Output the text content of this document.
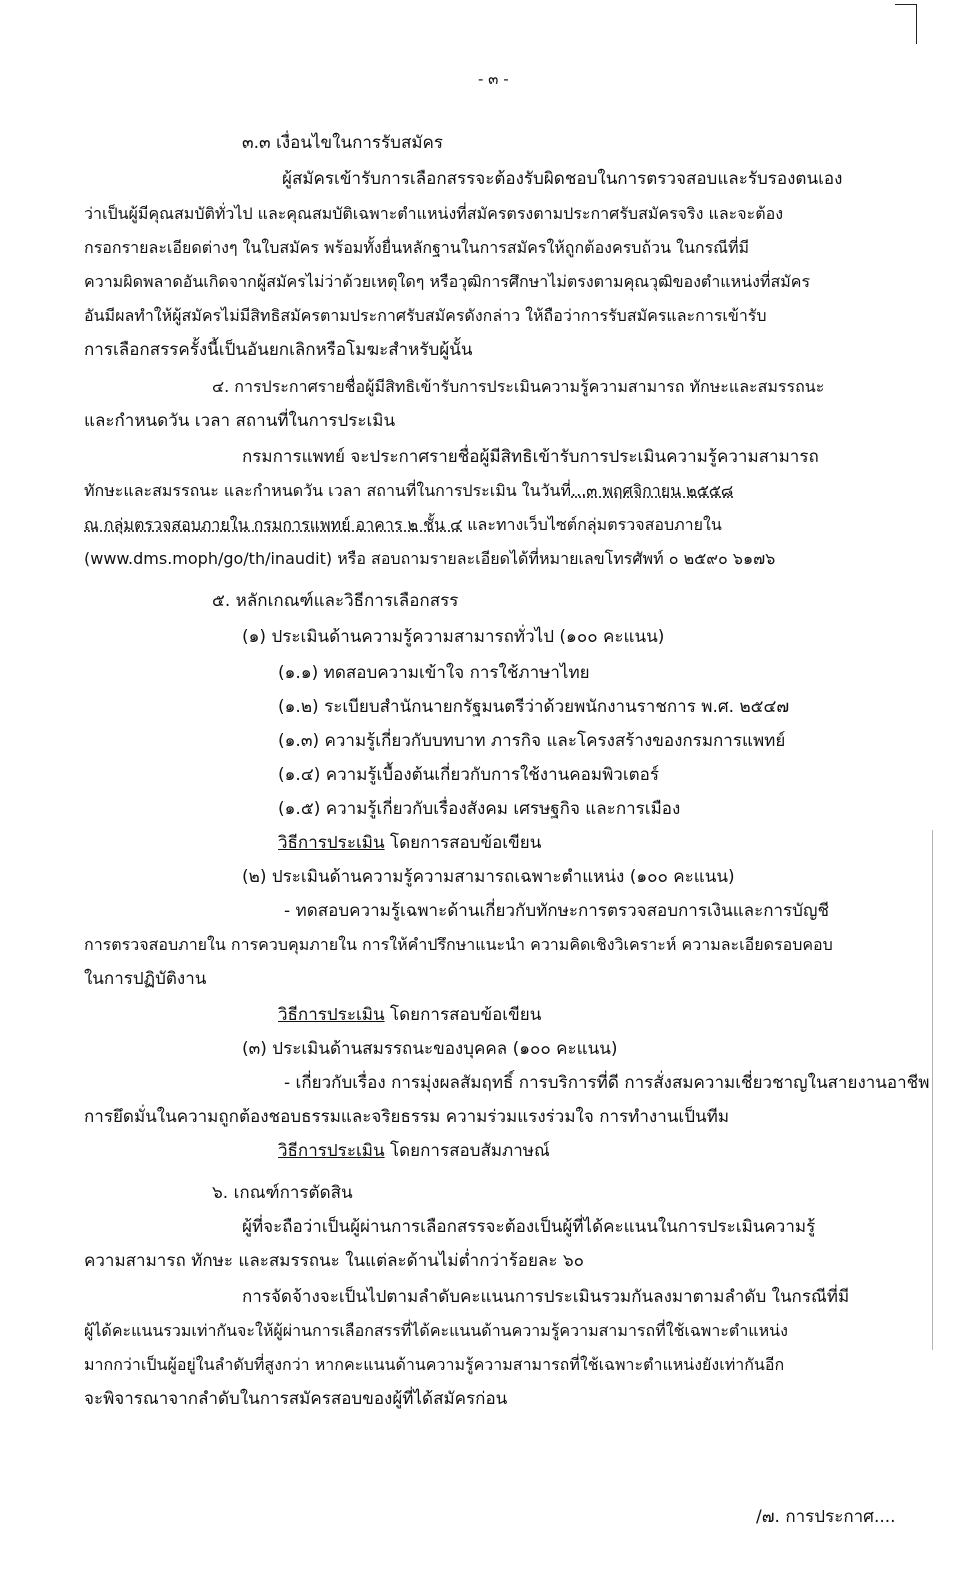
- ๓ -
๓.๓ เงื่อนไขในการรับสมัคร
ผู้สมัครเข้ารับการเลือกสรรจะต้องรับผิดชอบในการตรวจสอบและรับรองตนเอง
ว่าเป็นผู้มีคุณสมบัติทั่วไป และคุณสมบัติเฉพาะตำแหน่งที่สมัครตรงตามประกาศรับสมัครจริง และจะต้อง
กรอกรายละเอียดต่างๆ ในใบสมัคร พร้อมทั้งยื่นหลักฐานในการสมัครให้ถูกต้องครบถ้วน ในกรณีที่มี
ความผิดพลาดอันเกิดจากผู้สมัครไม่ว่าด้วยเหตุใดๆ หรือวุฒิการศึกษาไม่ตรงตามคุณวุฒิของตำแหน่งที่สมัคร
อันมีผลทำให้ผู้สมัครไม่มีสิทธิสมัครตามประกาศรับสมัครดังกล่าว ให้ถือว่าการรับสมัครและการเข้ารับ
การเลือกสรรครั้งนี้เป็นอันยกเลิกหรือโมฆะสำหรับผู้นั้น
๔. การประกาศรายชื่อผู้มีสิทธิเข้ารับการประเมินความรู้ความสามารถ ทักษะและสมรรถนะ
และกำหนดวัน เวลา สถานที่ในการประเมิน
กรมการแพทย์ จะประกาศรายชื่อผู้มีสิทธิเข้ารับการประเมินความรู้ความสามารถ
ทักษะและสมรรถนะ และกำหนดวัน เวลา สถานที่ในการประเมิน ในวันที่...๓ พฤศจิกายน ๒๕๕๘
ณ กลุ่มตรวจสอบภายใน กรมการแพทย์ อาคาร ๒ ชั้น ๔ และทางเว็บไซต์กลุ่มตรวจสอบภายใน
(www.dms.moph/go/th/inaudit) หรือ สอบถามรายละเอียดได้ที่หมายเลขโทรศัพท์ ๐ ๒๕๙๐ ๖๑๗๖
๕. หลักเกณฑ์และวิธีการเลือกสรร
(๑) ประเมินด้านความรู้ความสามารถทั่วไป (๑๐๐ คะแนน)
(๑.๑) ทดสอบความเข้าใจ การใช้ภาษาไทย
(๑.๒) ระเบียบสำนักนายกรัฐมนตรีว่าด้วยพนักงานราชการ พ.ศ. ๒๕๔๗
(๑.๓) ความรู้เกี่ยวกับบทบาท ภารกิจ และโครงสร้างของกรมการแพทย์
(๑.๔) ความรู้เบื้องต้นเกี่ยวกับการใช้งานคอมพิวเตอร์
(๑.๕) ความรู้เกี่ยวกับเรื่องสังคม เศรษฐกิจ และการเมือง
วิธีการประเมิน โดยการสอบข้อเขียน
(๒) ประเมินด้านความรู้ความสามารถเฉพาะตำแหน่ง (๑๐๐ คะแนน)
- ทดสอบความรู้เฉพาะด้านเกี่ยวกับทักษะการตรวจสอบการเงินและการบัญชี
การตรวจสอบภายใน การควบคุมภายใน การให้คำปรึกษาแนะนำ ความคิดเชิงวิเคราะห์ ความละเอียดรอบคอบ
ในการปฏิบัติงาน
วิธีการประเมิน โดยการสอบข้อเขียน
(๓) ประเมินด้านสมรรถนะของบุคคล (๑๐๐ คะแนน)
- เกี่ยวกับเรื่อง การมุ่งผลสัมฤทธิ์ การบริการที่ดี การสั่งสมความเชี่ยวชาญในสายงานอาชีพ
การยึดมั่นในความถูกต้องชอบธรรมและจริยธรรม ความร่วมแรงร่วมใจ การทำงานเป็นทีม
วิธีการประเมิน โดยการสอบสัมภาษณ์
๖. เกณฑ์การตัดสิน
ผู้ที่จะถือว่าเป็นผู้ผ่านการเลือกสรรจะต้องเป็นผู้ที่ได้คะแนนในการประเมินความรู้
ความสามารถ ทักษะ และสมรรถนะ ในแต่ละด้านไม่ต่ำกว่าร้อยละ ๖๐
การจัดจ้างจะเป็นไปตามลำดับคะแนนการประเมินรวมกันลงมาตามลำดับ ในกรณีที่มี
ผู้ได้คะแนนรวมเท่ากันจะให้ผู้ผ่านการเลือกสรรที่ได้คะแนนด้านความรู้ความสามารถที่ใช้เฉพาะตำแหน่ง
มากกว่าเป็นผู้อยู่ในลำดับที่สูงกว่า หากคะแนนด้านความรู้ความสามารถที่ใช้เฉพาะตำแหน่งยังเท่ากันอีก
จะพิจารณาจากลำดับในการสมัครสอบของผู้ที่ได้สมัครก่อน
/๗. การประกาศ....
